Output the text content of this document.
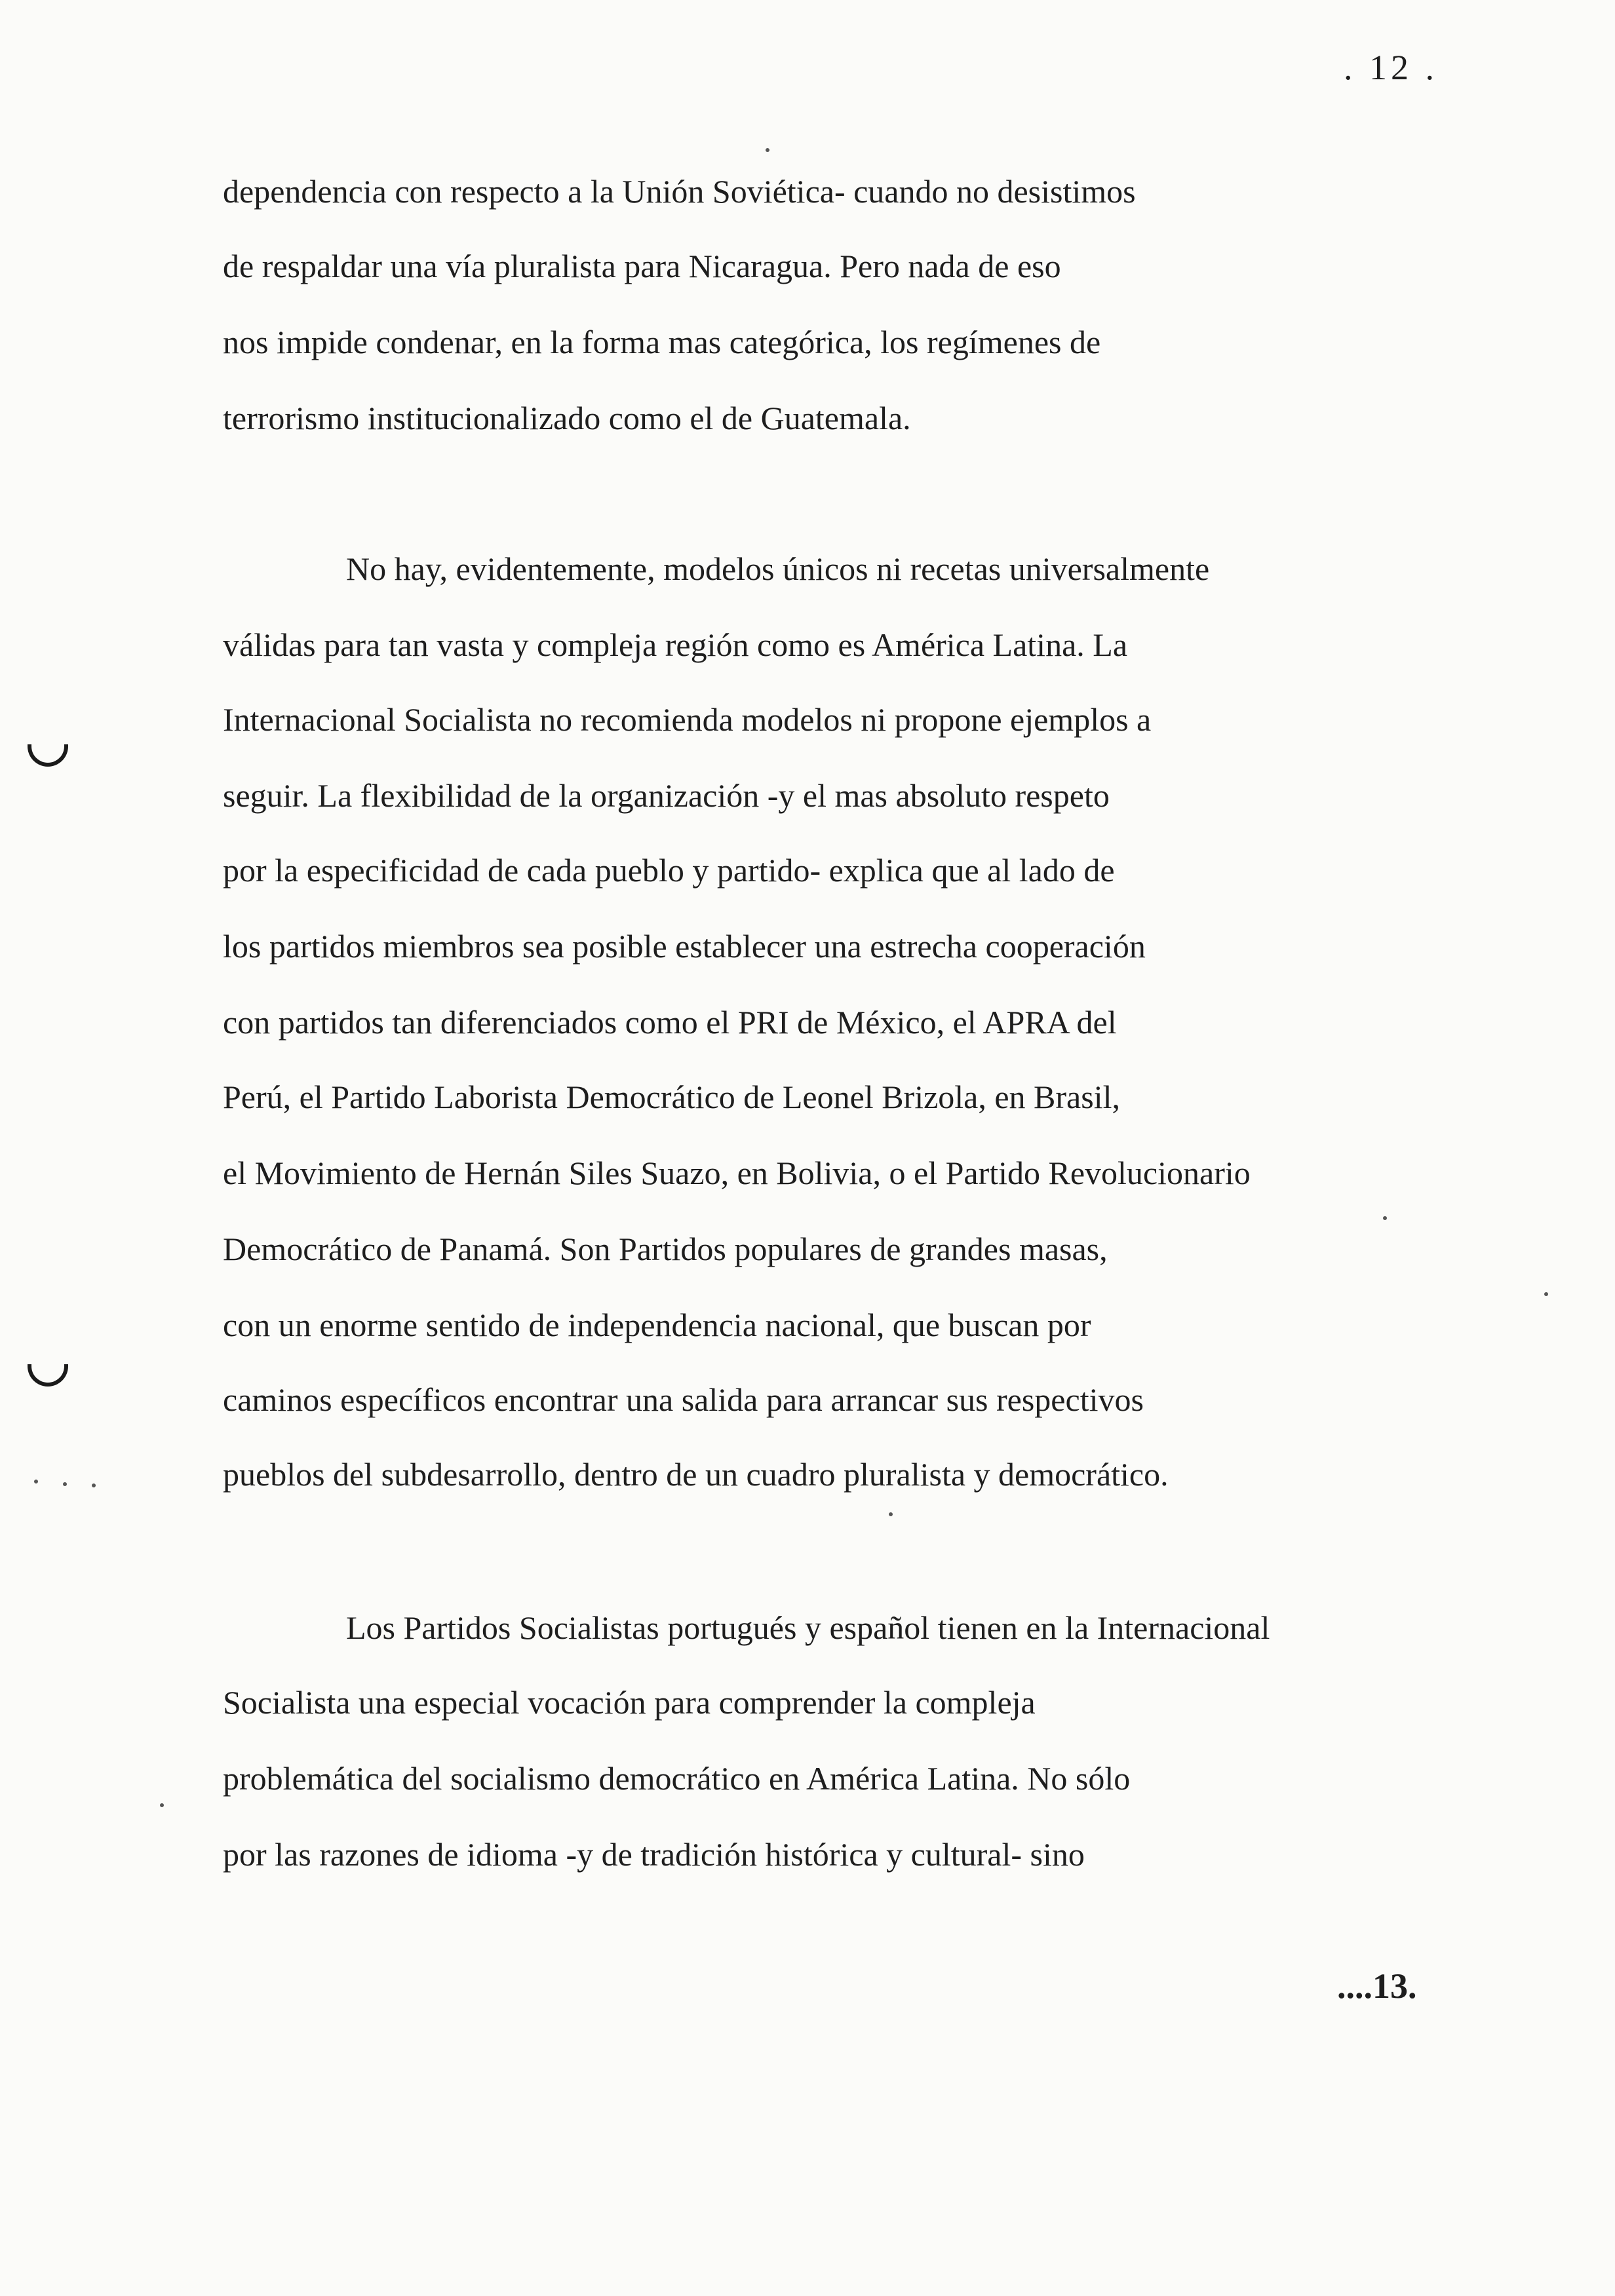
. 12 .
dependencia con respecto a la Unión Soviética- cuando no desistimos
de respaldar una vía pluralista para Nicaragua. Pero nada de eso
nos impide condenar, en la forma mas categórica, los regímenes de
terrorismo institucionalizado como el de Guatemala.
No hay, evidentemente, modelos únicos ni recetas universalmente
válidas para tan vasta y compleja región como es América Latina. La
Internacional Socialista no recomienda modelos ni propone ejemplos a
seguir. La flexibilidad de la organización -y el mas absoluto respeto
por la especificidad de cada pueblo y partido- explica que al lado de
los partidos miembros sea posible establecer una estrecha cooperación
con partidos tan diferenciados como el PRI de México, el APRA del
Perú, el Partido Laborista Democrático de Leonel Brizola, en Brasil,
el Movimiento de Hernán Siles Suazo, en Bolivia, o el Partido Revolucionario
Democrático de Panamá. Son Partidos populares de grandes masas,
con un enorme sentido de independencia nacional, que buscan por
caminos específicos encontrar una salida para arrancar sus respectivos
pueblos del subdesarrollo, dentro de un cuadro pluralista y democrático.
Los Partidos Socialistas portugués y español tienen en la Internacional
Socialista una especial vocación para comprender la compleja
problemática del socialismo democrático en América Latina. No sólo
por las razones de idioma -y de tradición histórica y cultural- sino
....13.
